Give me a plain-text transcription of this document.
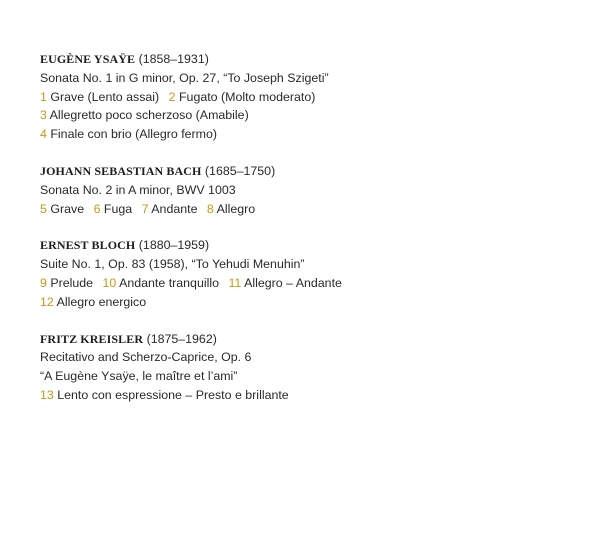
EUGÈNE YSAŸE (1858–1931)
Sonata No. 1 in G minor, Op. 27, “To Joseph Szigeti”
1 Grave (Lento assai) 2 Fugato (Molto moderato)
3 Allegretto poco scherzoso (Amabile)
4 Finale con brio (Allegro fermo)
JOHANN SEBASTIAN BACH (1685–1750)
Sonata No. 2 in A minor, BWV 1003
5 Grave 6 Fuga 7 Andante 8 Allegro
ERNEST BLOCH (1880–1959)
Suite No. 1, Op. 83 (1958), “To Yehudi Menuhin”
9 Prelude 10 Andante tranquillo 11 Allegro – Andante
12 Allegro energico
FRITZ KREISLER (1875–1962)
Recitativo and Scherzo-Caprice, Op. 6
“A Eugène Ysaÿe, le maître et l’ami”
13 Lento con espressione – Presto e brillante
